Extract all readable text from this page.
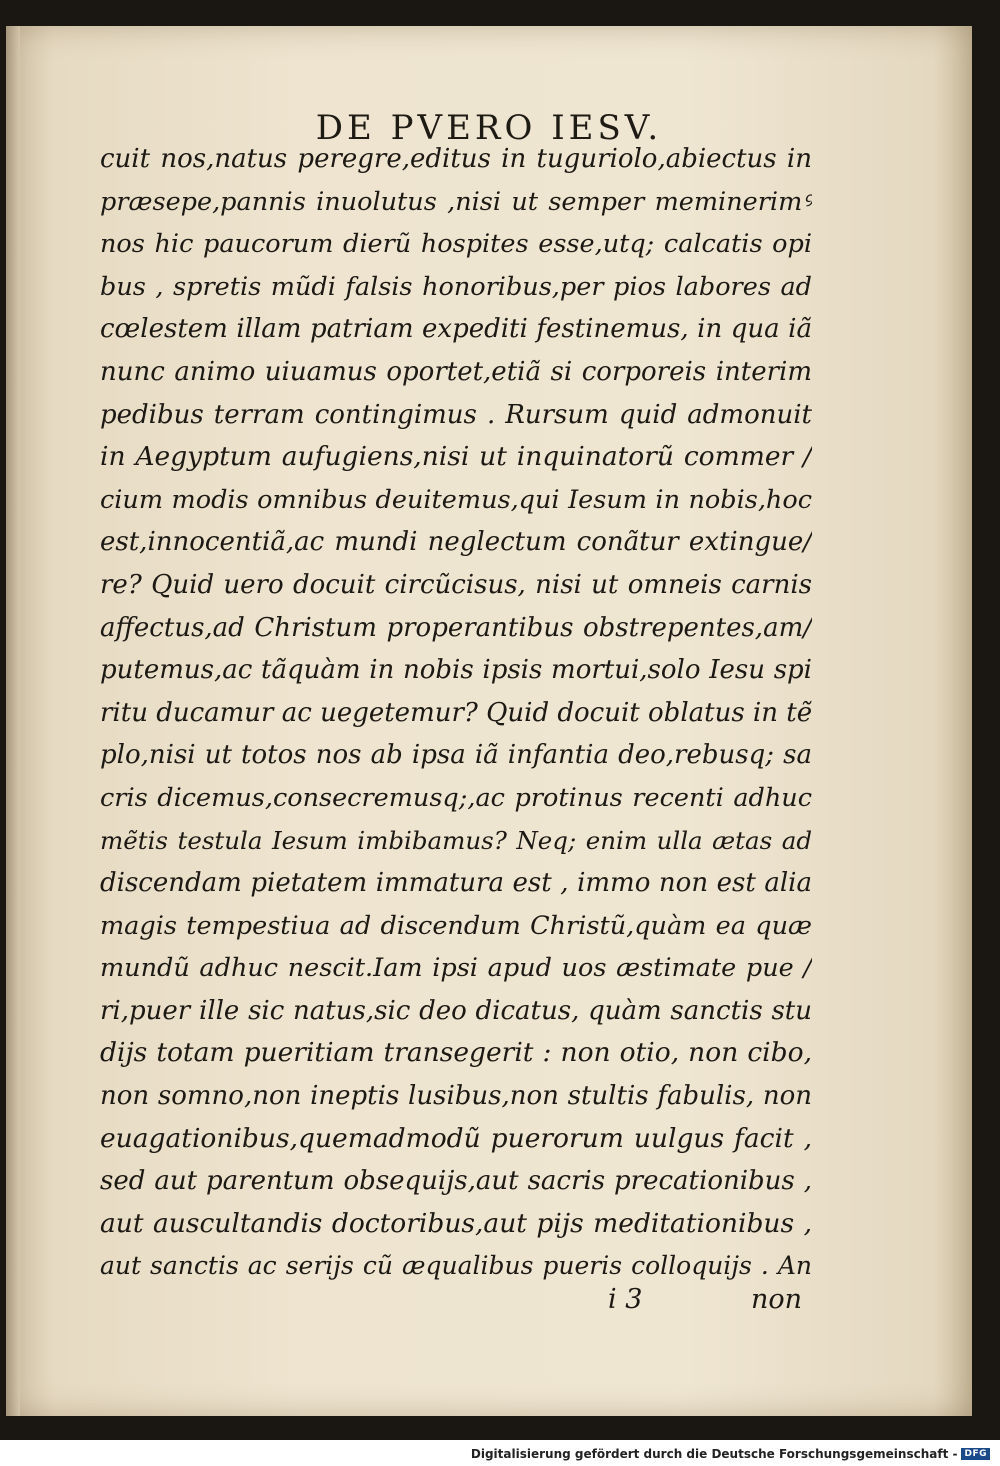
DE PVERO IESV.
cuit nos,natus peregre,editus in tuguriolo,abiectus in
præsepe,pannis inuolutus ,nisi ut semper meminerimꝰ
nos hic paucorum dierũ hospites esse,utq; calcatis opi
bus , spretis mũdi falsis honoribus,per pios labores ad
cœlestem illam patriam expediti festinemus, in qua iã
nunc animo uiuamus oportet,etiã si corporeis interim
pedibus terram contingimus . Rursum quid admonuit
in Aegyptum aufugiens,nisi ut inquinatorũ commer /
cium modis omnibus deuitemus,qui Iesum in nobis,hoc
est,innocentiã,ac mundi neglectum conãtur extingue/
re? Quid uero docuit circũcisus, nisi ut omneis carnis
affectus,ad Christum properantibus obstrepentes,am/
putemus,ac tãquàm in nobis ipsis mortui,solo Iesu spi
ritu ducamur ac uegetemur? Quid docuit oblatus in tẽ
plo,nisi ut totos nos ab ipsa iã infantia deo,rebusq; sa
cris dicemus,consecremusq;,ac protinus recenti adhuc
mẽtis testula Iesum imbibamus? Neq; enim ulla ætas ad
discendam pietatem immatura est , immo non est alia
magis tempestiua ad discendum Christũ,quàm ea quæ
mundũ adhuc nescit.Iam ipsi apud uos æstimate pue /
ri,puer ille sic natus,sic deo dicatus, quàm sanctis stu
dijs totam pueritiam transegerit : non otio, non cibo,
non somno,non ineptis lusibus,non stultis fabulis, non
euagationibus,quemadmodũ puerorum uulgus facit ,
sed aut parentum obsequijs,aut sacris precationibus ,
aut auscultandis doctoribus,aut pijs meditationibus ,
aut sanctis ac serijs cũ æqualibus pueris colloquijs . An
i 3	non
Digitalisierung gefördert durch die Deutsche Forschungsgemeinschaft - DFG
